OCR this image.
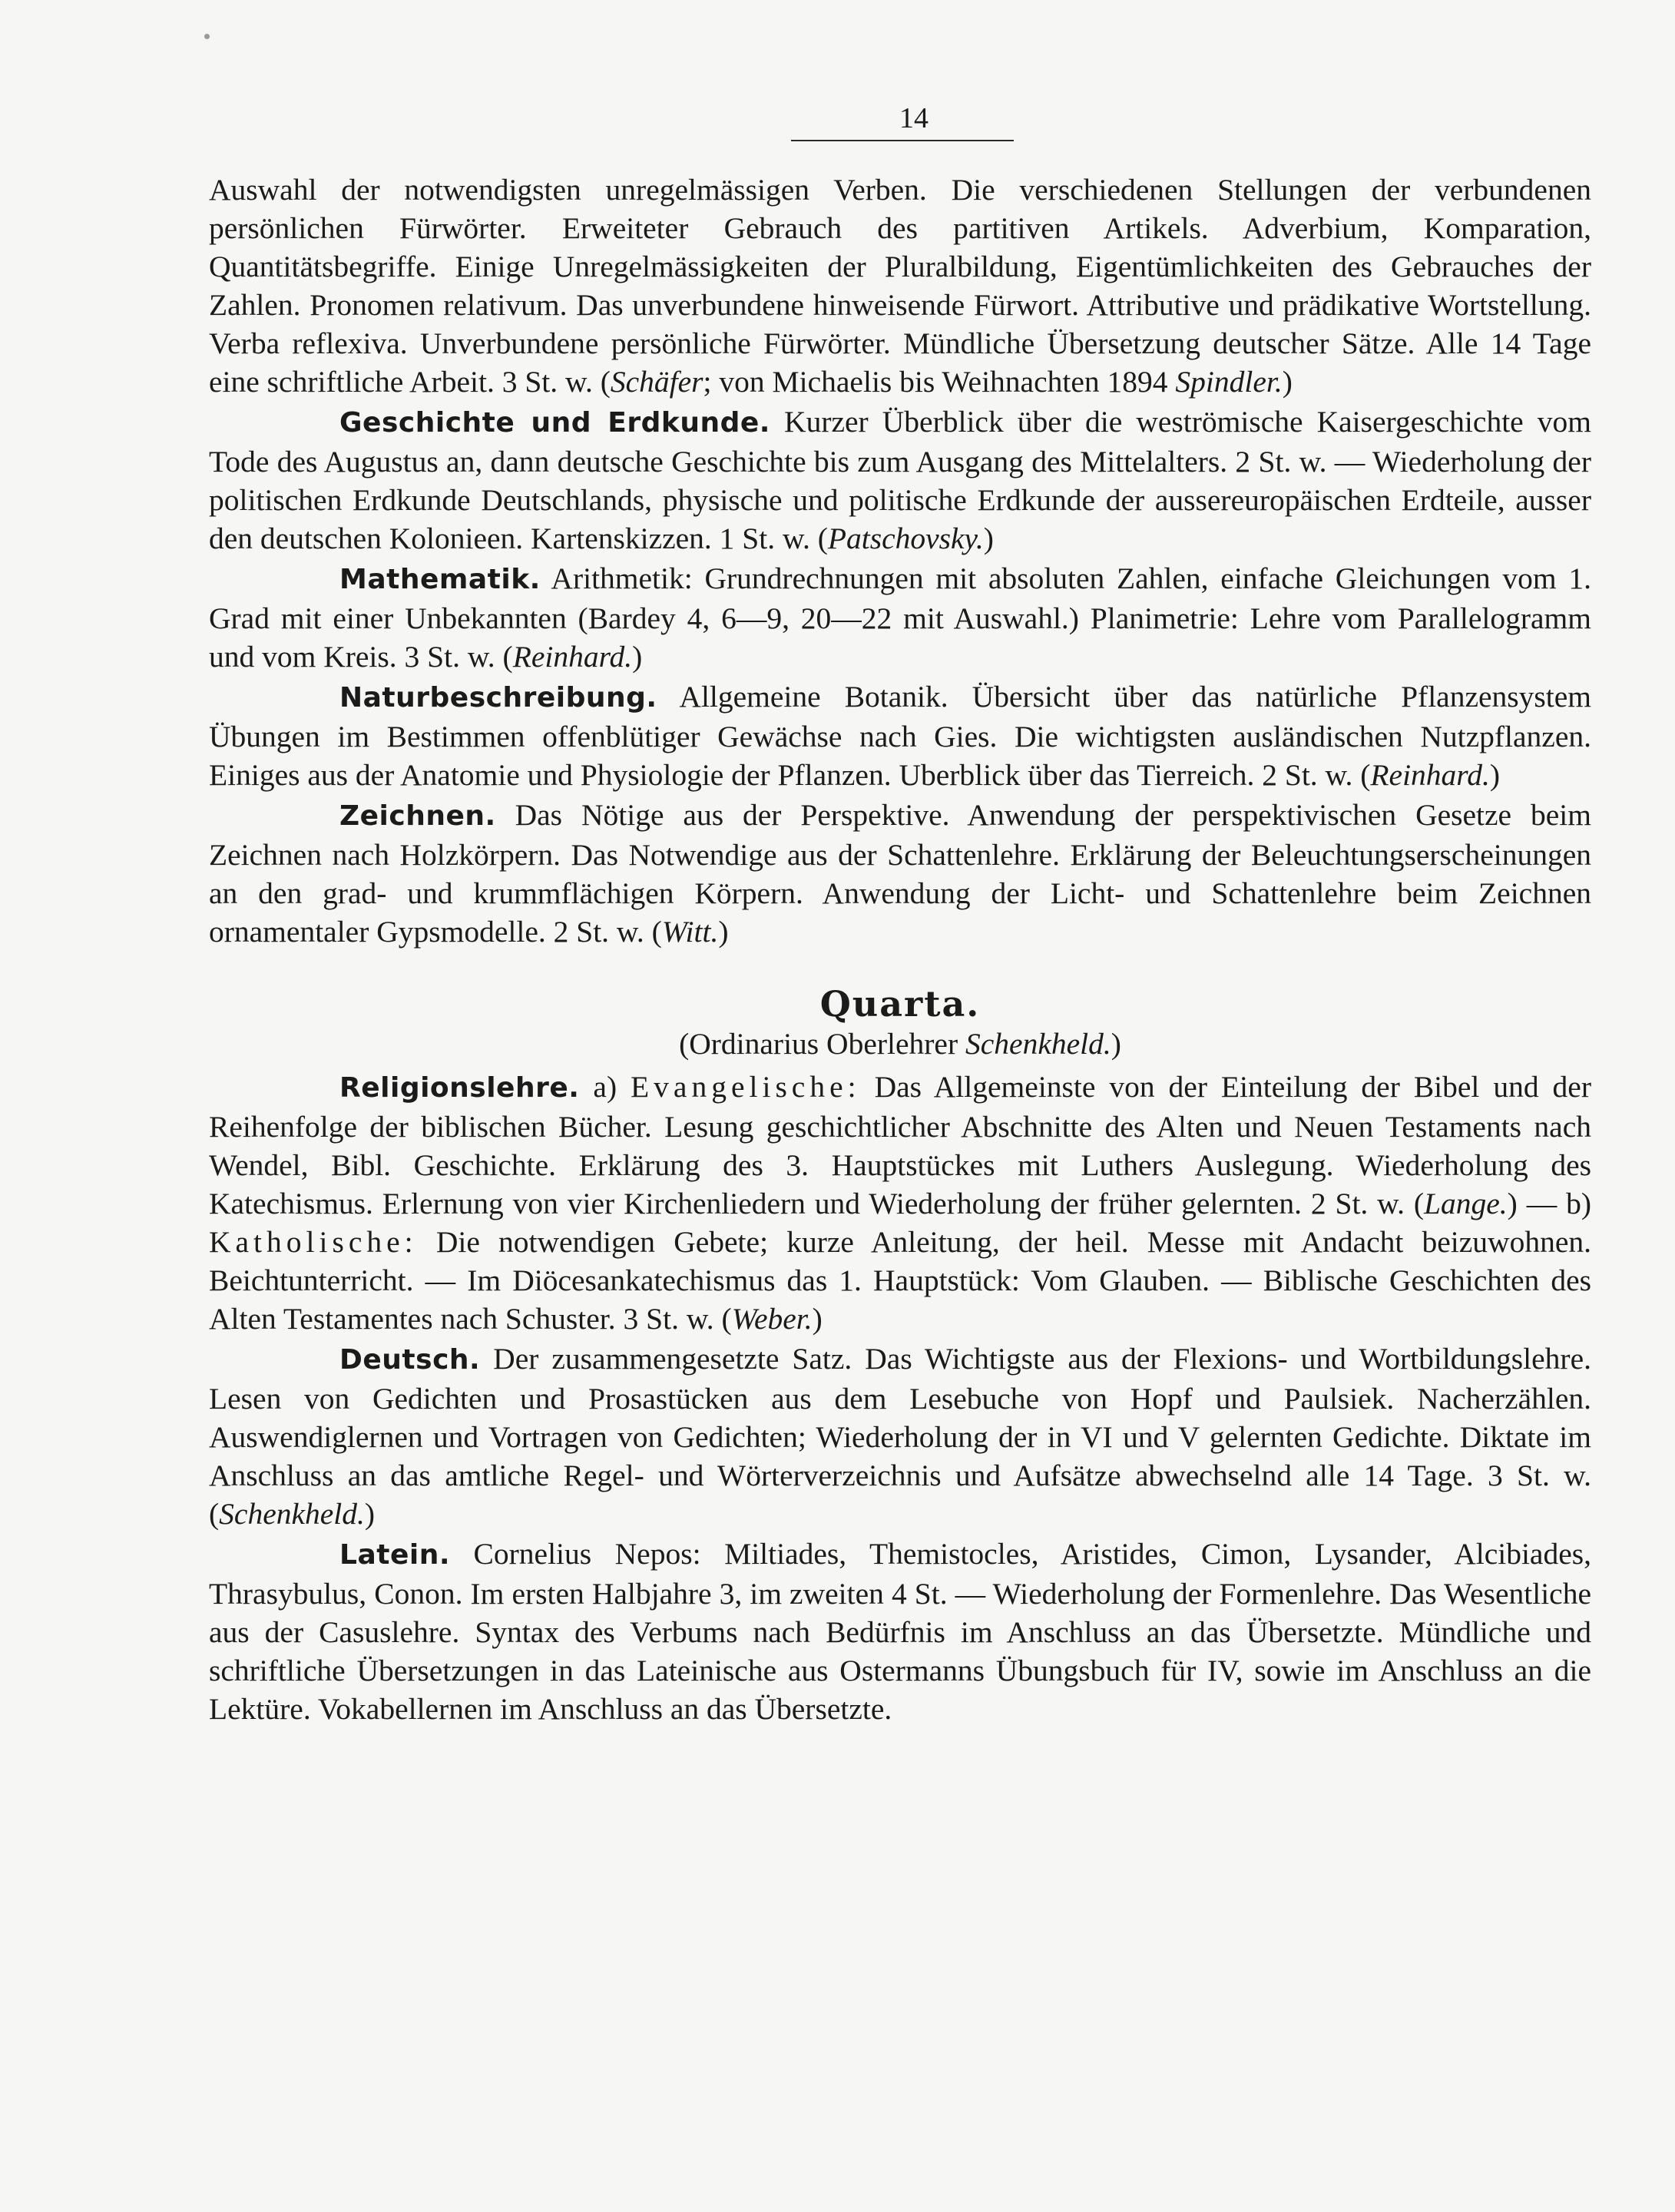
14

Auswahl der notwendigsten unregelmässigen Verben. Die verschiedenen Stellungen der verbundenen persönlichen Fürwörter. Erweiteter Gebrauch des partitiven Artikels. Adverbium, Komparation, Quantitätsbegriffe. Einige Unregelmässigkeiten der Pluralbildung, Eigentümlichkeiten des Gebrauches der Zahlen. Pronomen relativum. Das unverbundene hinweisende Fürwort. Attributive und prädikative Wortstellung. Verba reflexiva. Unverbundene persönliche Fürwörter. Mündliche Übersetzung deutscher Sätze. Alle 14 Tage eine schriftliche Arbeit. 3 St. w. (Schäfer; von Michaelis bis Weihnachten 1894 Spindler.)

Geschichte und Erdkunde. Kurzer Überblick über die weströmische Kaisergeschichte vom Tode des Augustus an, dann deutsche Geschichte bis zum Ausgang des Mittelalters. 2 St. w. — Wiederholung der politischen Erdkunde Deutschlands, physische und politische Erdkunde der aussereuropäischen Erdteile, ausser den deutschen Kolonieen. Kartenskizzen. 1 St. w. (Patschovsky.)

Mathematik. Arithmetik: Grundrechnungen mit absoluten Zahlen, einfache Gleichungen vom 1. Grad mit einer Unbekannten (Bardey 4, 6—9, 20—22 mit Auswahl.) Planimetrie: Lehre vom Parallelogramm und vom Kreis. 3 St. w. (Reinhard.)

Naturbeschreibung. Allgemeine Botanik. Übersicht über das natürliche Pflanzensystem Übungen im Bestimmen offenblütiger Gewächse nach Gies. Die wichtigsten ausländischen Nutzpflanzen. Einiges aus der Anatomie und Physiologie der Pflanzen. Uberblick über das Tierreich. 2 St. w. (Reinhard.)

Zeichnen. Das Nötige aus der Perspektive. Anwendung der perspektivischen Gesetze beim Zeichnen nach Holzkörpern. Das Notwendige aus der Schattenlehre. Erklärung der Beleuchtungserscheinungen an den grad- und krummflächigen Körpern. Anwendung der Licht- und Schattenlehre beim Zeichnen ornamentaler Gypsmodelle. 2 St. w. (Witt.)

Quarta.
(Ordinarius Oberlehrer Schenkheld.)

Religionslehre. a) Evangelische: Das Allgemeinste von der Einteilung der Bibel und der Reihenfolge der biblischen Bücher. Lesung geschichtlicher Abschnitte des Alten und Neuen Testaments nach Wendel, Bibl. Geschichte. Erklärung des 3. Hauptstückes mit Luthers Auslegung. Wiederholung des Katechismus. Erlernung von vier Kirchenliedern und Wiederholung der früher gelernten. 2 St. w. (Lange.) — b) Katholische: Die notwendigen Gebete; kurze Anleitung, der heil. Messe mit Andacht beizuwohnen. Beichtunterricht. — Im Diöcesankatechismus das 1. Hauptstück: Vom Glauben. — Biblische Geschichten des Alten Testamentes nach Schuster. 3 St. w. (Weber.)

Deutsch. Der zusammengesetzte Satz. Das Wichtigste aus der Flexions- und Wortbildungslehre. Lesen von Gedichten und Prosastücken aus dem Lesebuche von Hopf und Paulsiek. Nacherzählen. Auswendiglernen und Vortragen von Gedichten; Wiederholung der in VI und V gelernten Gedichte. Diktate im Anschluss an das amtliche Regel- und Wörterverzeichnis und Aufsätze abwechselnd alle 14 Tage. 3 St. w. (Schenkheld.)

Latein. Cornelius Nepos: Miltiades, Themistocles, Aristides, Cimon, Lysander, Alcibiades, Thrasybulus, Conon. Im ersten Halbjahre 3, im zweiten 4 St. — Wiederholung der Formenlehre. Das Wesentliche aus der Casuslehre. Syntax des Verbums nach Bedürfnis im Anschluss an das Übersetzte. Mündliche und schriftliche Übersetzungen in das Lateinische aus Ostermanns Übungsbuch für IV, sowie im Anschluss an die Lektüre. Vokabellernen im Anschluss an das Übersetzte.
